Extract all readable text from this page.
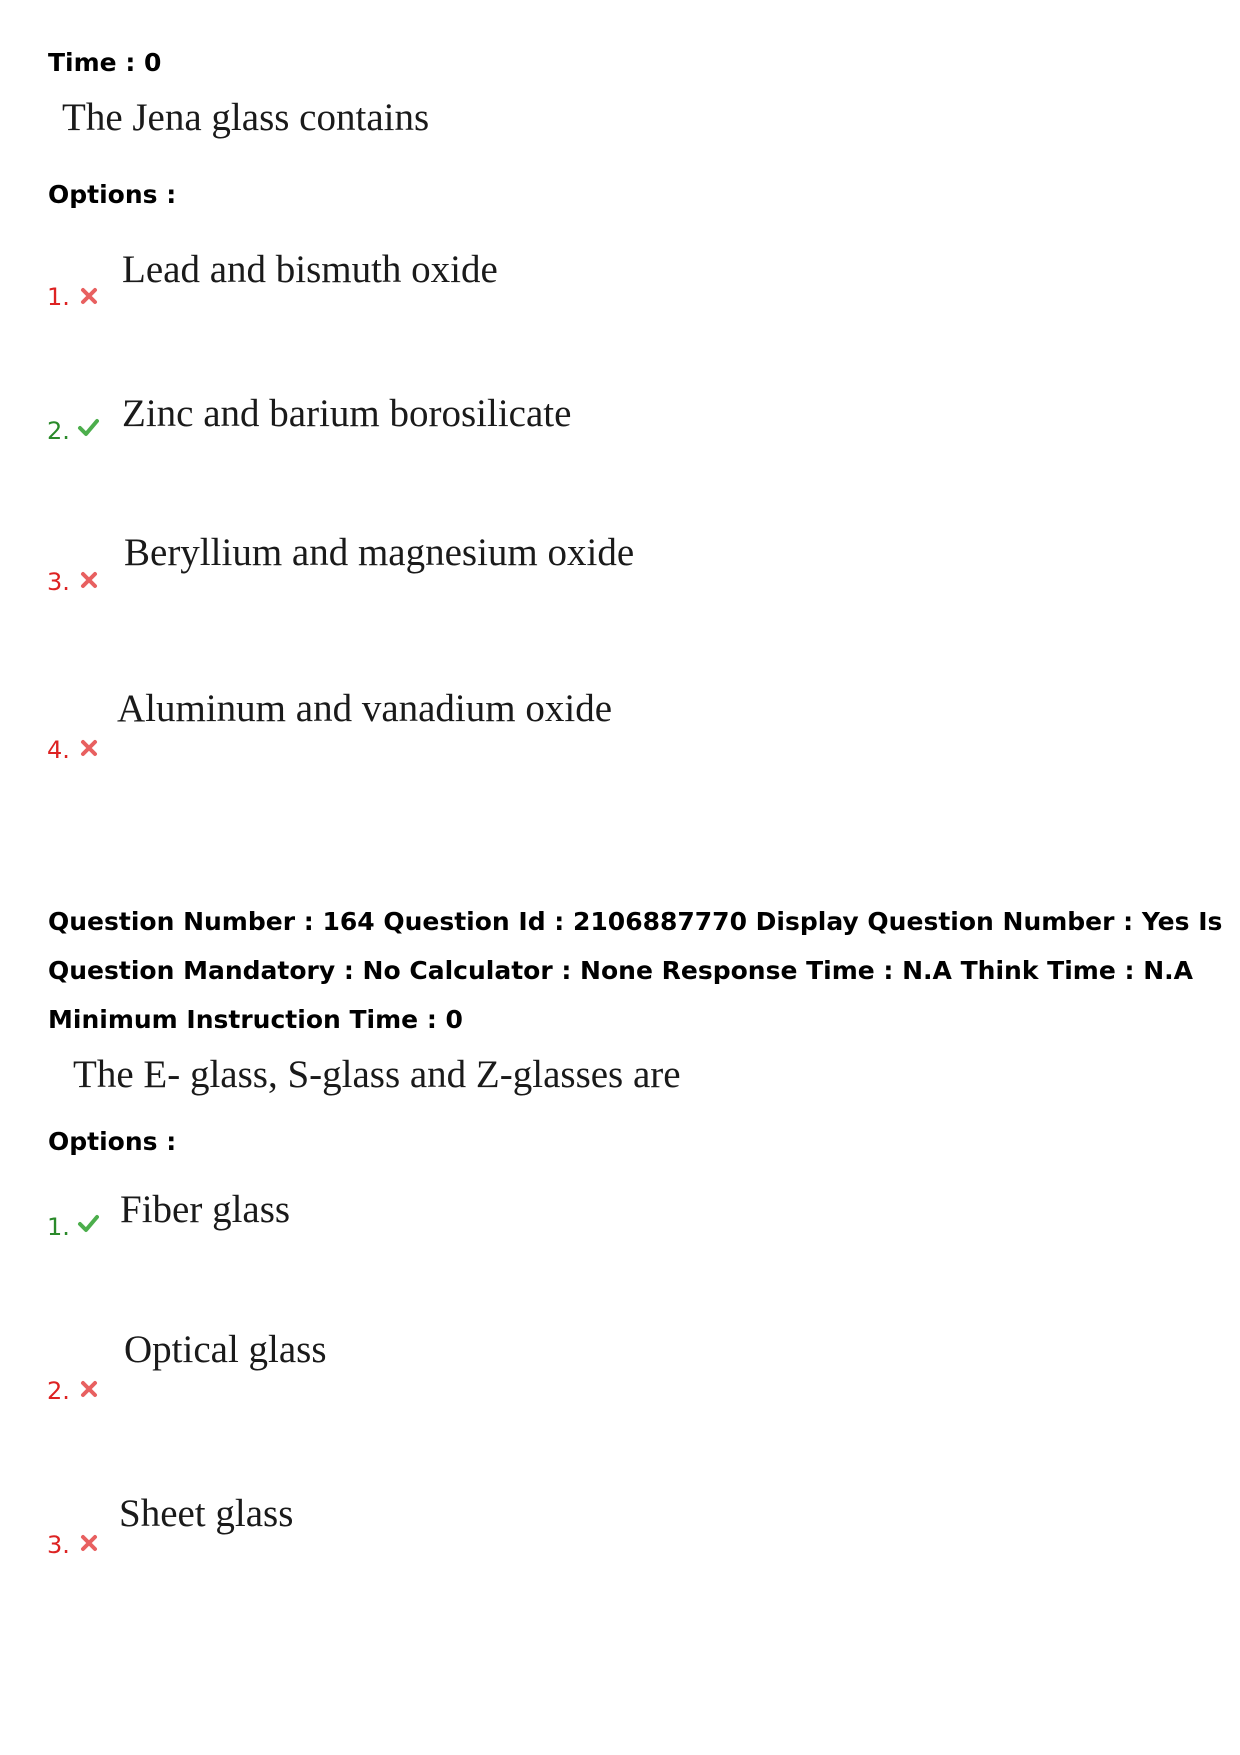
Time : 0

The Jena glass contains

Options :

1.
Lead and bismuth oxide
2. Zinc and barium borosilicate
3.
Beryllium and magnesium oxide
4.
Aluminum and vanadium oxide

Question Number : 164 Question Id : 2106887770 Display Question Number : Yes Is Question Mandatory : No Calculator : None Response Time : N.A Think Time : N.A Minimum Instruction Time : 0

The E- glass, S-glass and Z-glasses are

Options :

1. Fiber glass
2.
Optical glass
3.
Sheet glass
